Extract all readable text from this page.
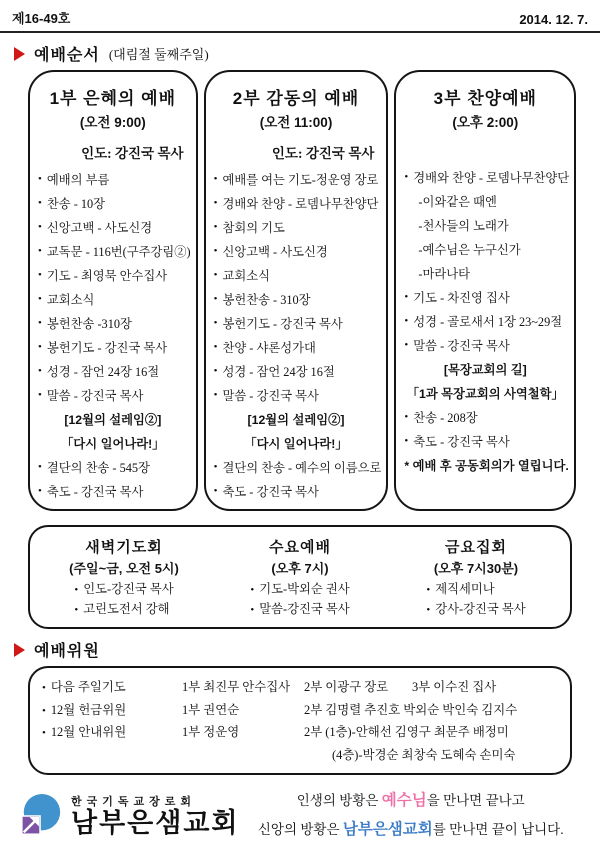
제16-49호	2014. 12. 7.
예배순서 (대림절 둘째주일)
1부 은혜의 예배
(오전 9:00)
인도: 강진국 목사
• 예배의 부름
• 찬송 - 10장
• 신앙고백 - 사도신경
• 교독문 - 116번(구주강림②)
• 기도 - 최영묵 안수집사
• 교회소식
• 봉헌찬송 -310장
• 봉헌기도 - 강진국 목사
• 성경 - 잠언 24장 16절
• 말씀 - 강진국 목사
[12월의 설레임②]
「다시 일어나라!」
• 결단의 찬송 - 545장
• 축도 - 강진국 목사
2부 감동의 예배
(오전 11:00)
인도: 강진국 목사
• 예배를 여는 기도-정운영 장로
• 경배와 찬양 - 로뎀나무찬양단
• 참회의 기도
• 신앙고백 - 사도신경
• 교회소식
• 봉헌찬송 - 310장
• 봉헌기도 - 강진국 목사
• 찬양 - 샤론성가대
• 성경 - 잠언 24장 16절
• 말씀 - 강진국 목사
[12월의 설레임②]
「다시 일어나라!」
• 결단의 찬송 - 예수의 이름으로
• 축도 - 강진국 목사
3부 찬양예배
(오후 2:00)
• 경배와 찬양 - 로뎀나무찬양단
-이와같은 때엔
-천사들의 노래가
-예수님은 누구신가
-마라나타
• 기도 - 차진영 집사
• 성경 - 골로새서 1장 23~29절
• 말씀 - 강진국 목사
[목장교회의 길]
「1과 목장교회의 사역철학」
• 찬송 - 208장
• 축도 - 강진국 목사
* 예배 후 공동회의가 열립니다.
새벽기도회
(주일~금, 오전 5시)
• 인도-강진국 목사
• 고린도전서 강해
수요예배
(오후 7시)
• 기도-박외순 권사
• 말씀-강진국 목사
금요집회
(오후 7시30분)
• 제직세미나
• 강사-강진국 목사
예배위원
• 다음 주일기도	1부 최진무 안수집사	2부 이광구 장로	3부 이수진 집사
• 12월 헌금위원	1부 권연순	2부 김명렬 추진호 박외순 박인숙 김지수
• 12월 안내위원	1부 정운영	2부 (1층)-안해선 김영구 최문주 배정미
(4층)-박경순 최창숙 도혜숙 손미숙
한국기독교장로회
남부은샘교회
인생의 방황은 예수님을 만나면 끝나고
신앙의 방황은 남부은샘교회를 만나면 끝이 납니다.
